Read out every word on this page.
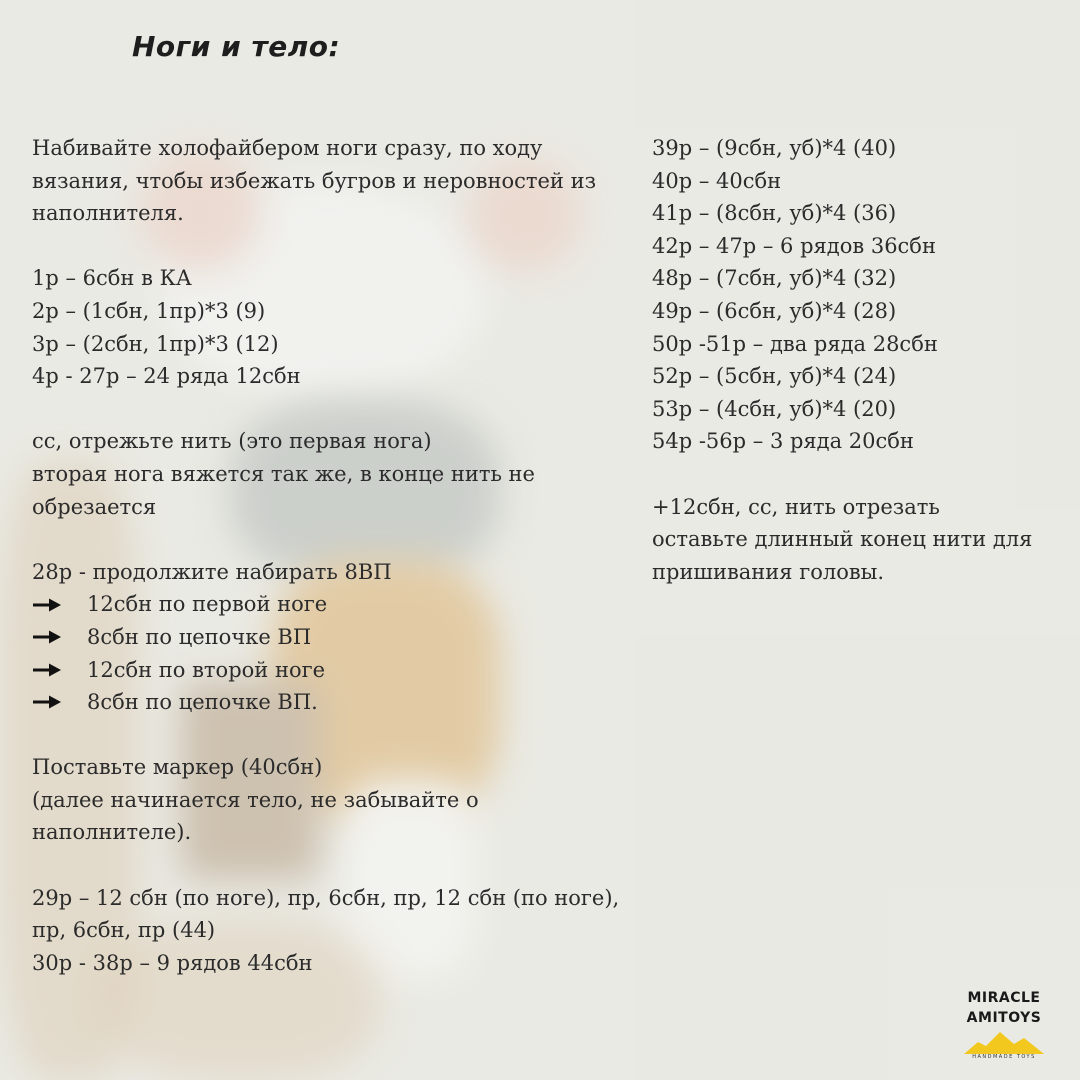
Ноги и тело:
Набивайте холофайбером ноги сразу, по ходу
вязания, чтобы избежать бугров и неровностей из
наполнителя.
1р – 6сбн в КА
2р – (1сбн, 1пр)*3 (9)
3р – (2сбн, 1пр)*3 (12)
4р - 27р – 24 ряда 12сбн
сс, отрежьте нить (это первая нога)
вторая нога вяжется так же, в конце нить не
обрезается
28р - продолжите набирать 8ВП
12сбн по первой ноге
8сбн по цепочке ВП
12сбн по второй ноге
8сбн по цепочке ВП.
Поставьте маркер (40сбн)
(далее начинается тело, не забывайте о
наполнителе).
29р – 12 сбн (по ноге), пр, 6сбн, пр, 12 сбн (по ноге),
пр, 6сбн, пр (44)
30р - 38р – 9 рядов 44сбн
39р – (9сбн, уб)*4 (40)
40р – 40сбн
41р – (8сбн, уб)*4 (36)
42р – 47р – 6 рядов 36сбн
48р – (7сбн, уб)*4 (32)
49р – (6сбн, уб)*4 (28)
50р -51р – два ряда 28сбн
52р – (5сбн, уб)*4 (24)
53р – (4сбн, уб)*4 (20)
54р -56р – 3 ряда 20сбн
+12сбн, сс, нить отрезать
оставьте длинный конец нити для
пришивания головы.
MIRACLE
AMITOYS
HANDMADE TOYS
